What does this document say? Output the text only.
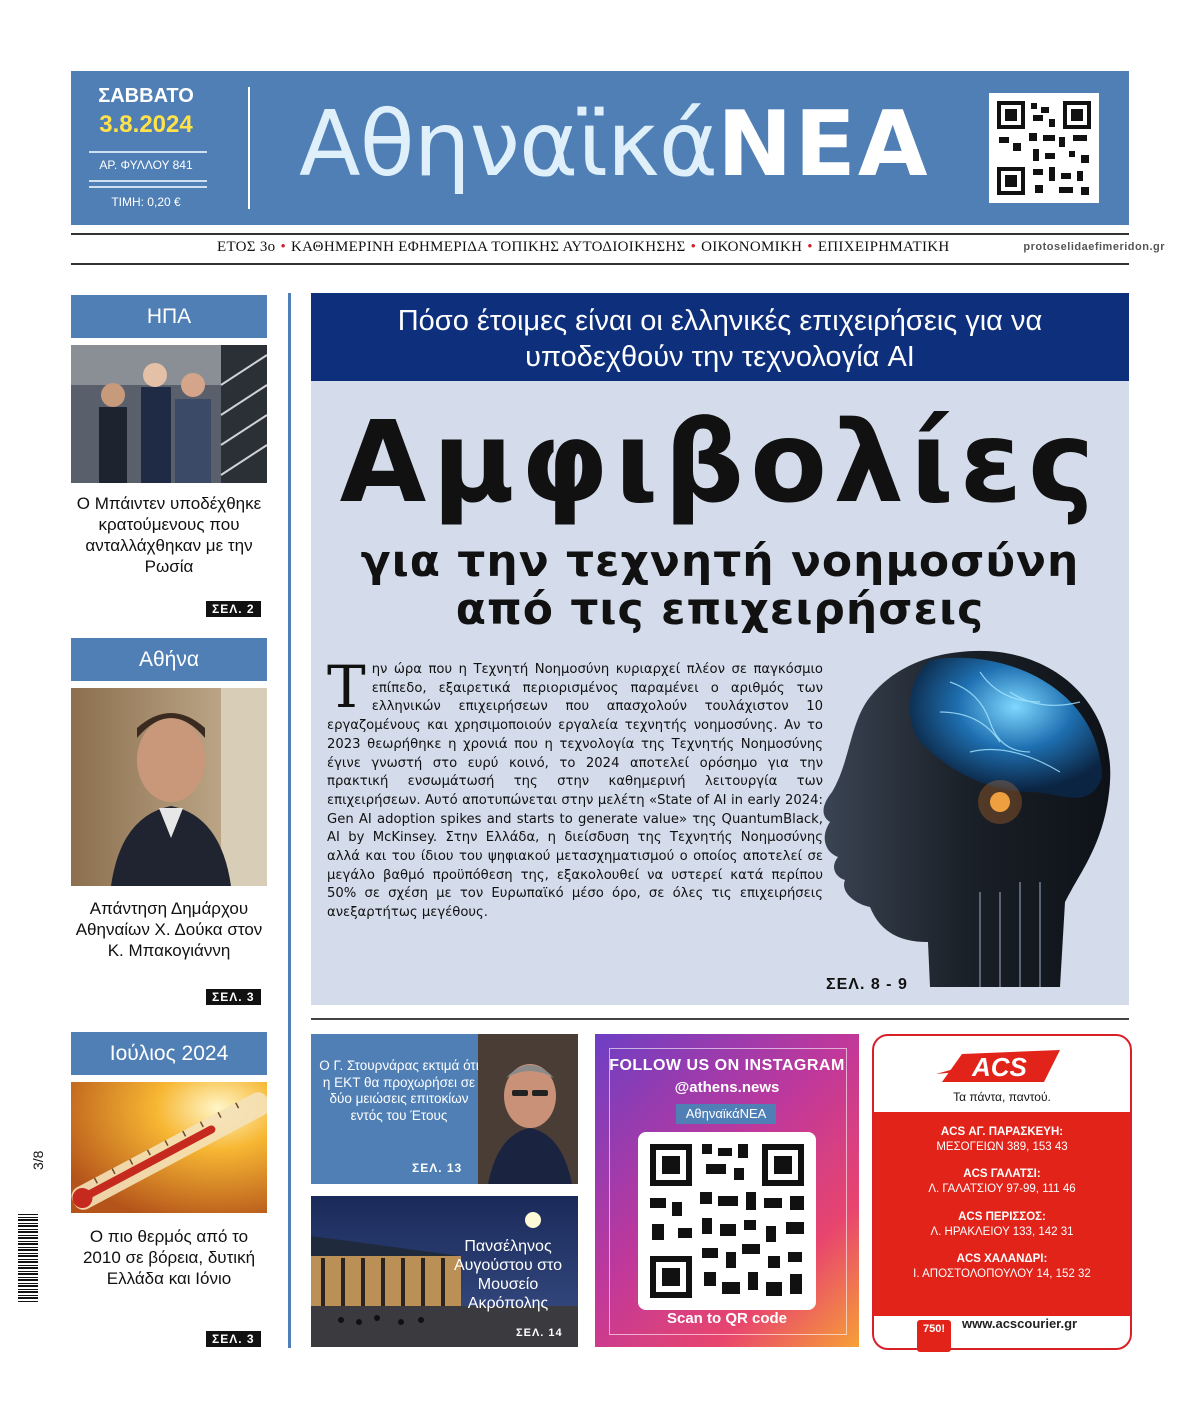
ΣΑΒΒΑΤΟ
3.8.2024
ΑΡ. ΦΥΛΛΟΥ 841
ΤΙΜΗ: 0,20 €
ΑθηναϊκάΝΕΑ
ΕΤΟΣ 3ο • ΚΑΘΗΜΕΡΙΝΗ ΕΦΗΜΕΡΙΔΑ ΤΟΠΙΚΗΣ ΑΥΤΟΔΙΟΙΚΗΣΗΣ • ΟΙΚΟΝΟΜΙΚΗ • ΕΠΙΧΕΙΡΗΜΑΤΙΚΗ	protoselidaefimeridon.gr
ΗΠΑ
Ο Μπάιντεν υποδέχθηκε κρατούμενους που ανταλλάχθηκαν με την Ρωσία
ΣΕΛ. 2
Αθήνα
Απάντηση Δημάρχου Αθηναίων Χ. Δούκα στον Κ. Μπακογιάννη
ΣΕΛ. 3
Ιούλιος 2024
Ο πιο θερμός από το 2010 σε βόρεια, δυτική Ελλάδα και Ιόνιο
ΣΕΛ. 3
3/8
Πόσο έτοιμες είναι οι ελληνικές επιχειρήσεις για να υποδεχθούν την τεχνολογία AI
Αμφιβολίες
για την τεχνητή νοημοσύνη
από τις επιχειρήσεις
Την ώρα που η Τεχνητή Νοημοσύνη κυριαρχεί πλέον σε παγκόσμιο επίπεδο, εξαιρετικά περιορισμένος παραμένει ο αριθμός των ελληνικών επιχειρήσεων που απασχολούν τουλάχιστον 10 εργαζομένους και χρησιμοποιούν εργαλεία τεχνητής νοημοσύνης. Αν το 2023 θεωρήθηκε η χρονιά που η τεχνολογία της Τεχνητής Νοημοσύνης έγινε γνωστή στο ευρύ κοινό, το 2024 αποτελεί ορόσημο για την πρακτική ενσωμάτωσή της στην καθημερινή λειτουργία των επιχειρήσεων. Αυτό αποτυπώνεται στην μελέτη «State of AI in early 2024: Gen AI adoption spikes and starts to generate value» της QuantumBlack, AI by McKinsey. Στην Ελλάδα, η διείσδυση της Τεχνητής Νοημοσύνης αλλά και του ίδιου του ψηφιακού μετασχηματισμού ο οποίος αποτελεί σε μεγάλο βαθμό προϋπόθεση της, εξακολουθεί να υστερεί κατά περίπου 50% σε σχέση με τον Ευρωπαϊκό μέσο όρο, σε όλες τις επιχειρήσεις ανεξαρτήτως μεγέθους.
ΣΕΛ. 8 - 9
Ο Γ. Στουρνάρας εκτιμά ότι η ΕΚΤ θα προχωρήσει σε δύο μειώσεις επιτοκίων εντός του Έτους
ΣΕΛ. 13
Πανσέληνος Αυγούστου στο Μουσείο Ακρόπολης
ΣΕΛ. 14
FOLLOW US ON INSTAGRAM
@athens.news
ΑθηναϊκάΝΕΑ
Scan to QR code
ACS
Τα πάντα, παντού.
ACS ΑΓ. ΠΑΡΑΣΚΕΥΗ:
ΜΕΣΟΓΕΙΩΝ 389, 153 43
ACS ΓΑΛΑΤΣΙ:
Λ. ΓΑΛΑΤΣΙΟΥ 97-99, 111 46
ACS ΠΕΡΙΣΣΟΣ:
Λ. ΗΡΑΚΛΕΙΟΥ 133, 142 31
ACS ΧΑΛΑΝΔΡΙ:
Ι. ΑΠΟΣΤΟΛΟΠΟΥΛΟΥ 14, 152 32
750!	www.acscourier.gr
